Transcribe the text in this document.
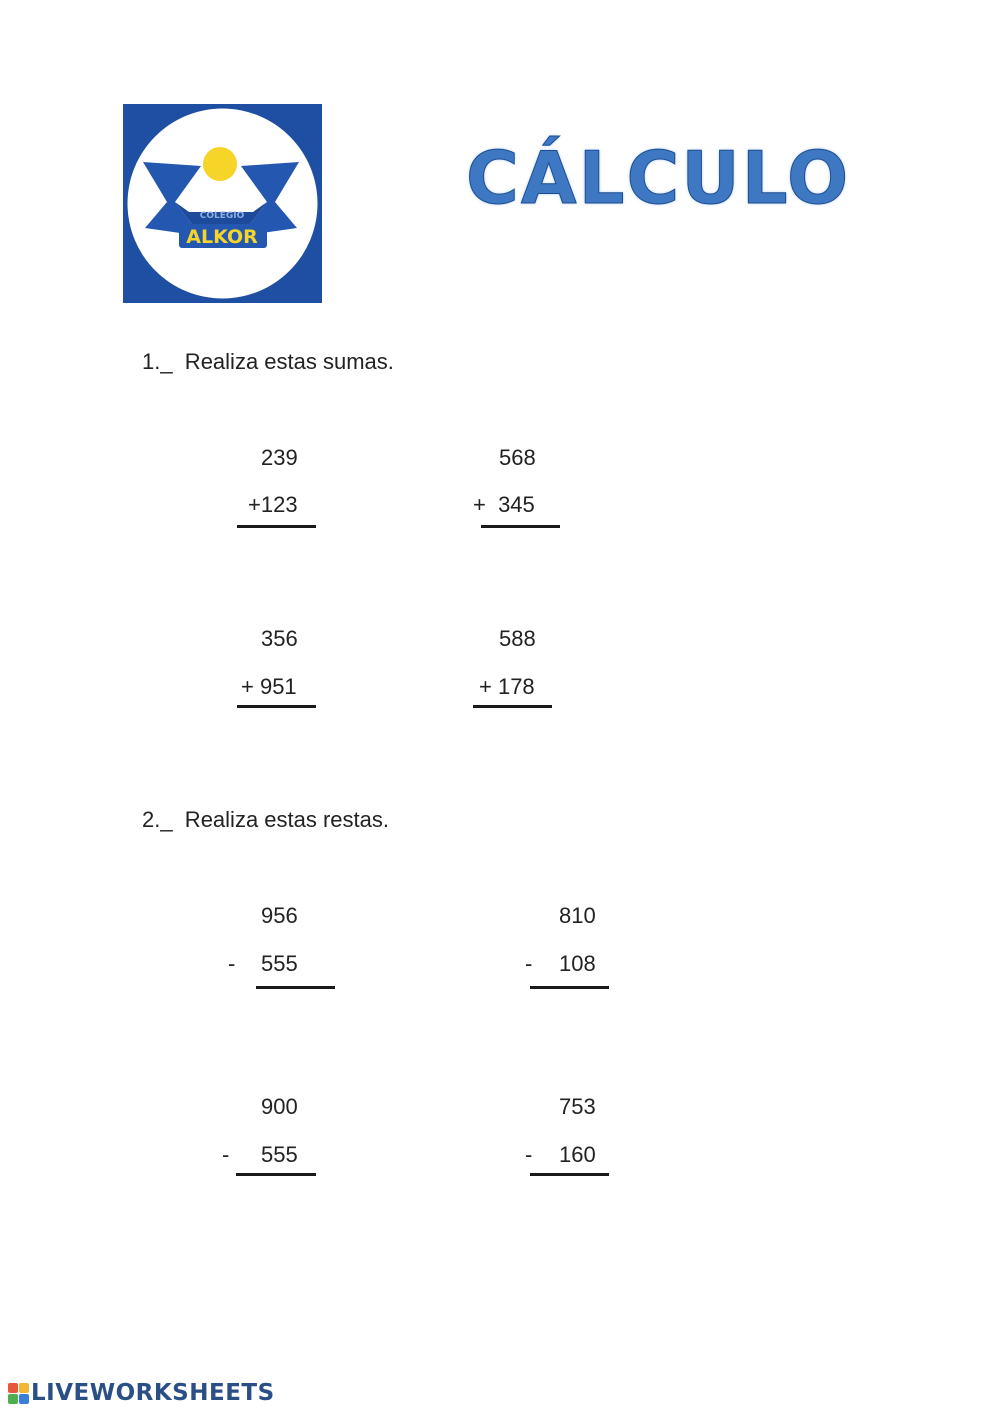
COLEGIO
ALKOR
CÁLCULO
1._  Realiza estas sumas.
239
+123
568
+  345
356
+ 951
588
+ 178
2._  Realiza estas restas.
956
- 555
810
- 108
900
- 555
753
- 160
LIVEWORKSHEETS
